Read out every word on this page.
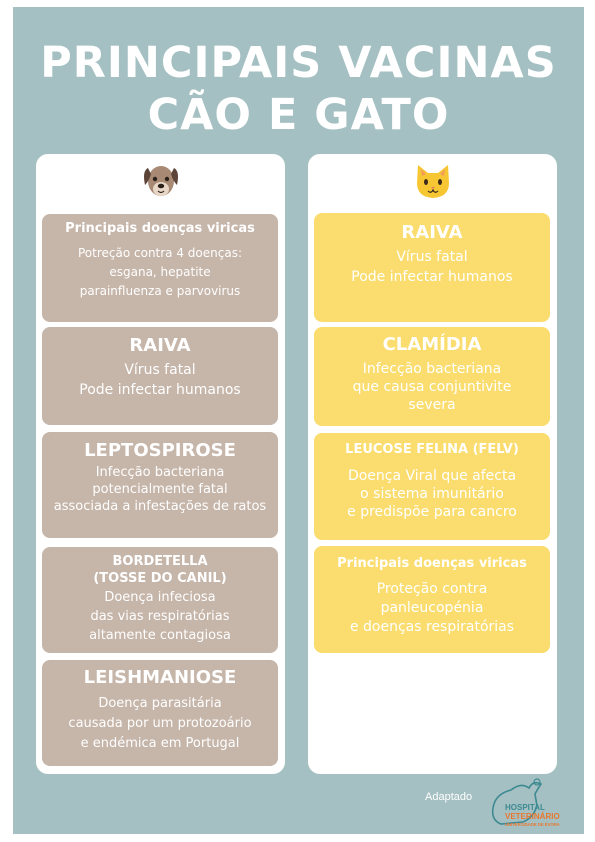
PRINCIPAIS VACINAS
CÃO E GATO
Principais doenças viricas
Potreção contra 4 doenças:
esgana, hepatite
parainfluenza e parvovirus
RAIVA
Vírus fatal
Pode infectar humanos
LEPTOSPIROSE
Infecção bacteriana
potencialmente fatal
associada a infestações de ratos
BORDETELLA
(TOSSE DO CANIL)
Doença infeciosa
das vias respiratórias
altamente contagiosa
LEISHMANIOSE
Doença parasitária
causada por um protozoário
e endémica em Portugal
RAIVA
Vírus fatal
Pode infectar humanos
CLAMÍDIA
Infecção bacteriana
que causa conjuntivite
severa
LEUCOSE FELINA (FELV)
Doença Viral que afecta
o sistema imunitário
e predispõe para cancro
Principais doenças viricas
Proteção contra
panleucopénia
e doenças respiratórias
Adaptado
HOSPITAL
VETERINÁRIO
UNIVERSIDADE DE ÉVORA
